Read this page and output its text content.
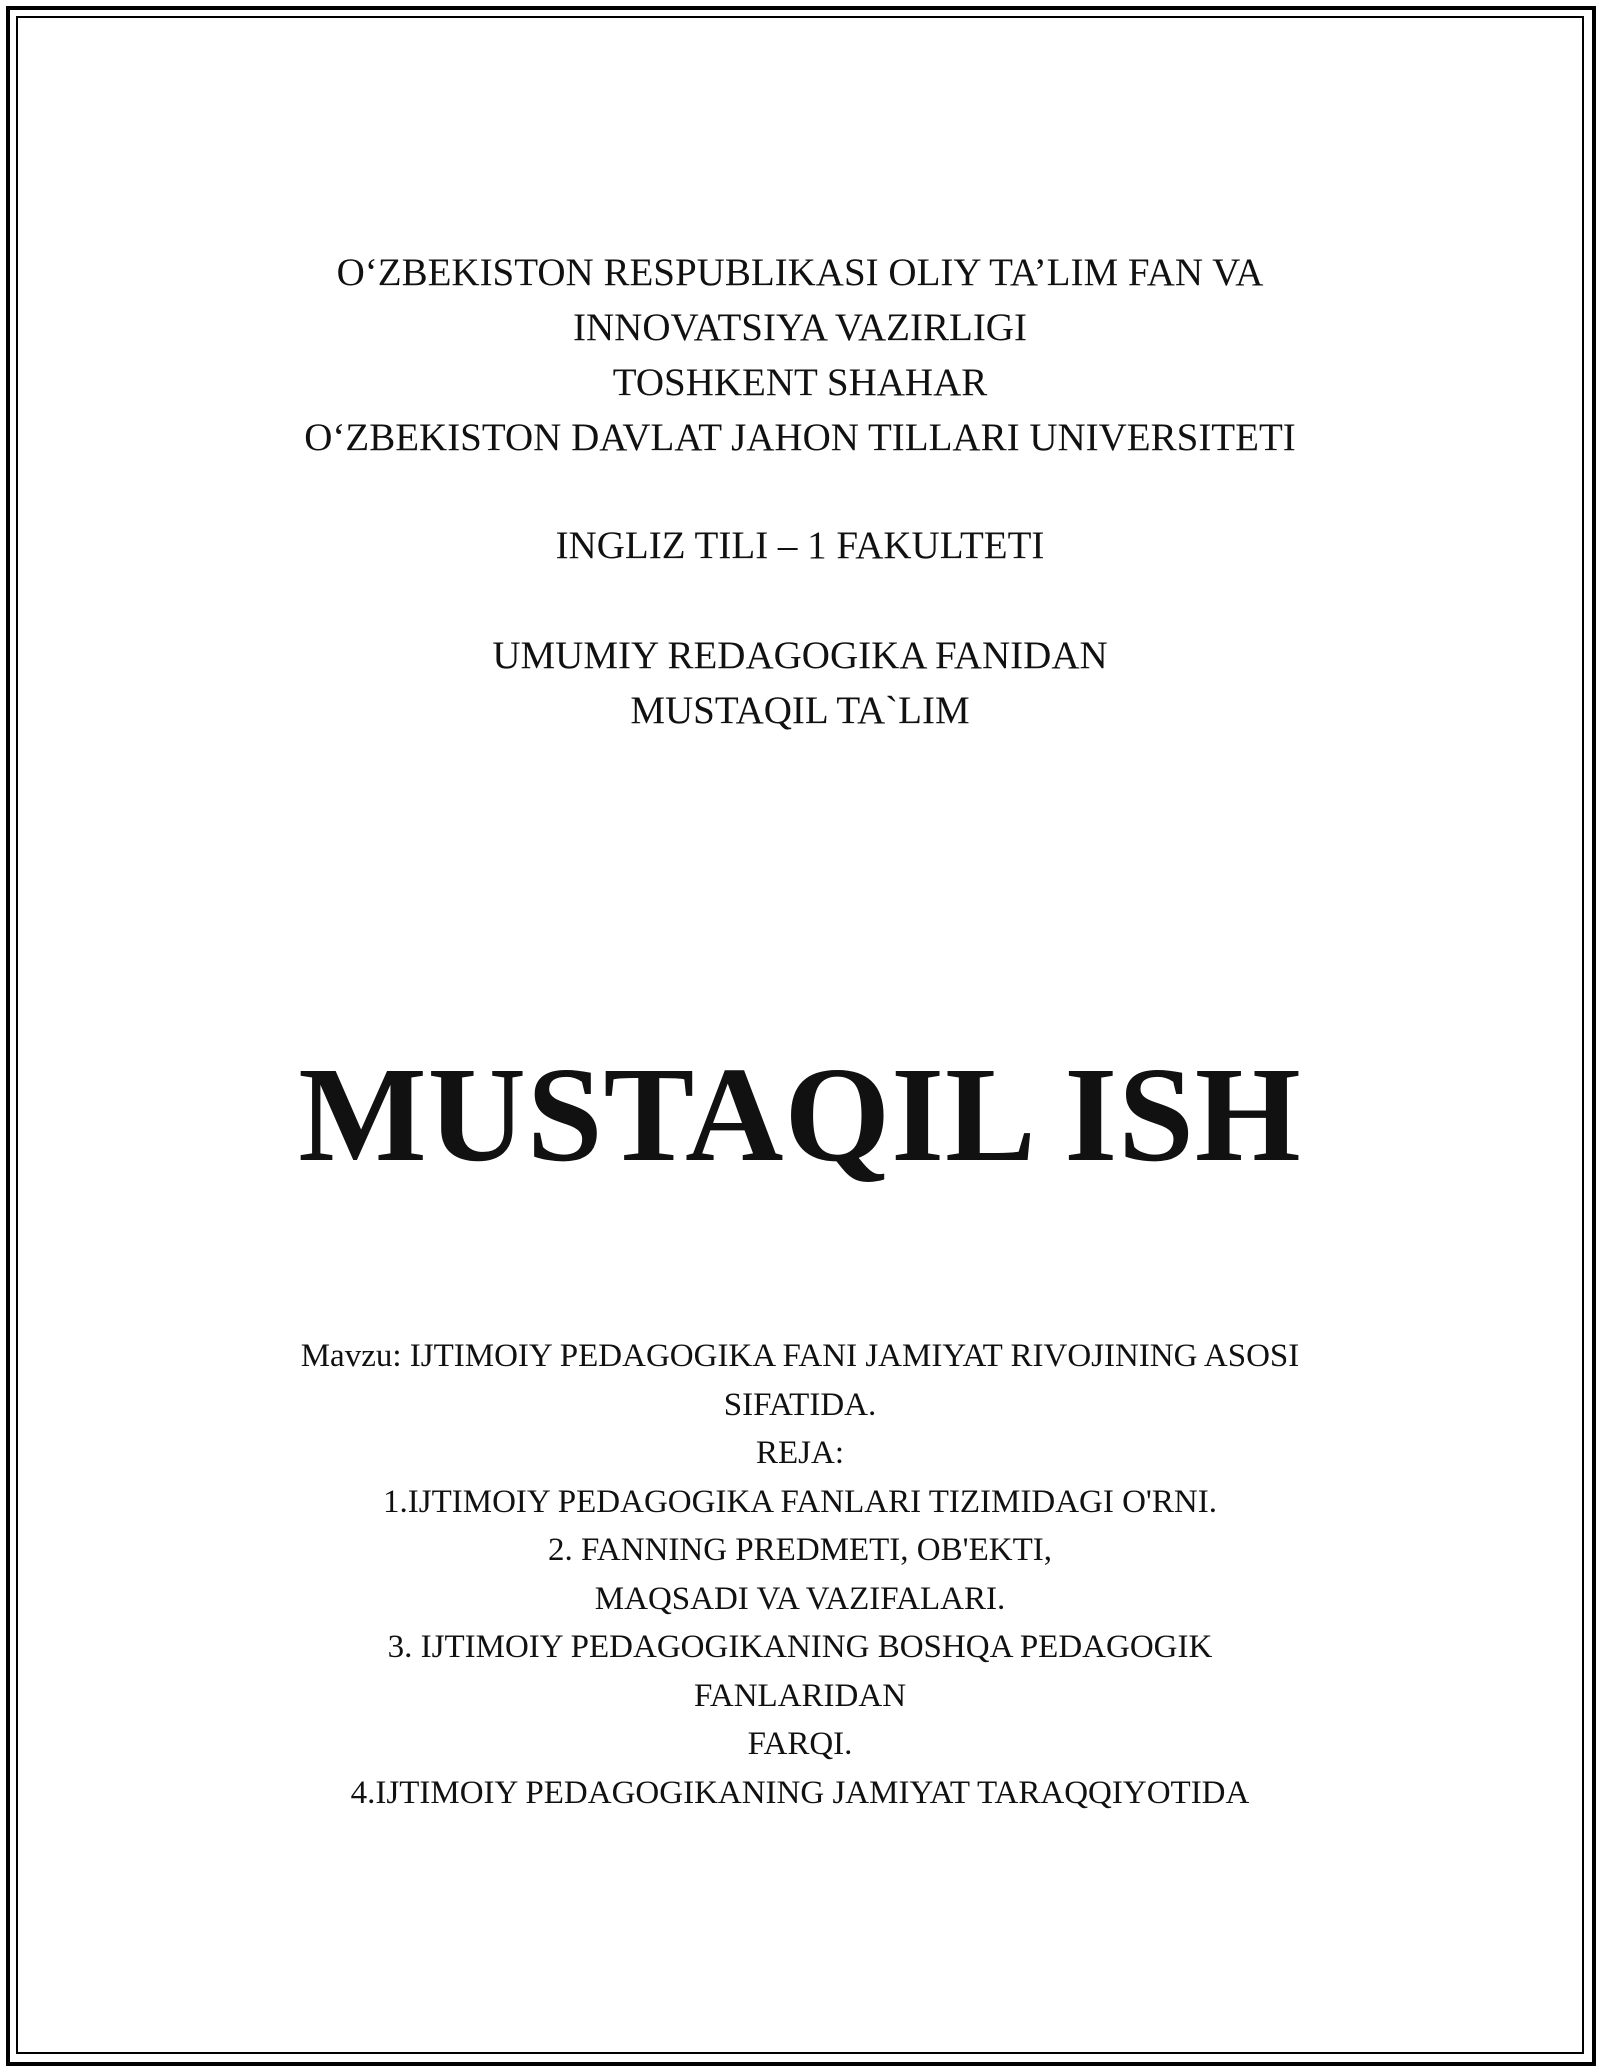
O‘ZBEKISTON RESPUBLIKASI OLIY TA’LIM FAN VA
INNOVATSIYA VAZIRLIGI
TOSHKENT SHAHAR
O‘ZBEKISTON DAVLAT JAHON TILLARI UNIVERSITETI
INGLIZ TILI – 1 FAKULTETI
UMUMIY REDAGOGIKA FANIDAN
MUSTAQIL TA`LIM
MUSTAQIL ISH
Mavzu: IJTIMOIY PEDAGOGIKA FANI JAMIYAT RIVOJINING ASOSI
SIFATIDA.
REJA:
1.IJTIMOIY PEDAGOGIKA FANLARI TIZIMIDAGI O'RNI.
2. FANNING PREDMETI, OB'EKTI,
MAQSADI VA VAZIFALARI.
3. IJTIMOIY PEDAGOGIKANING BOSHQA PEDAGOGIK
FANLARIDAN
FARQI.
4.IJTIMOIY PEDAGOGIKANING JAMIYAT TARAQQIYOTIDA
